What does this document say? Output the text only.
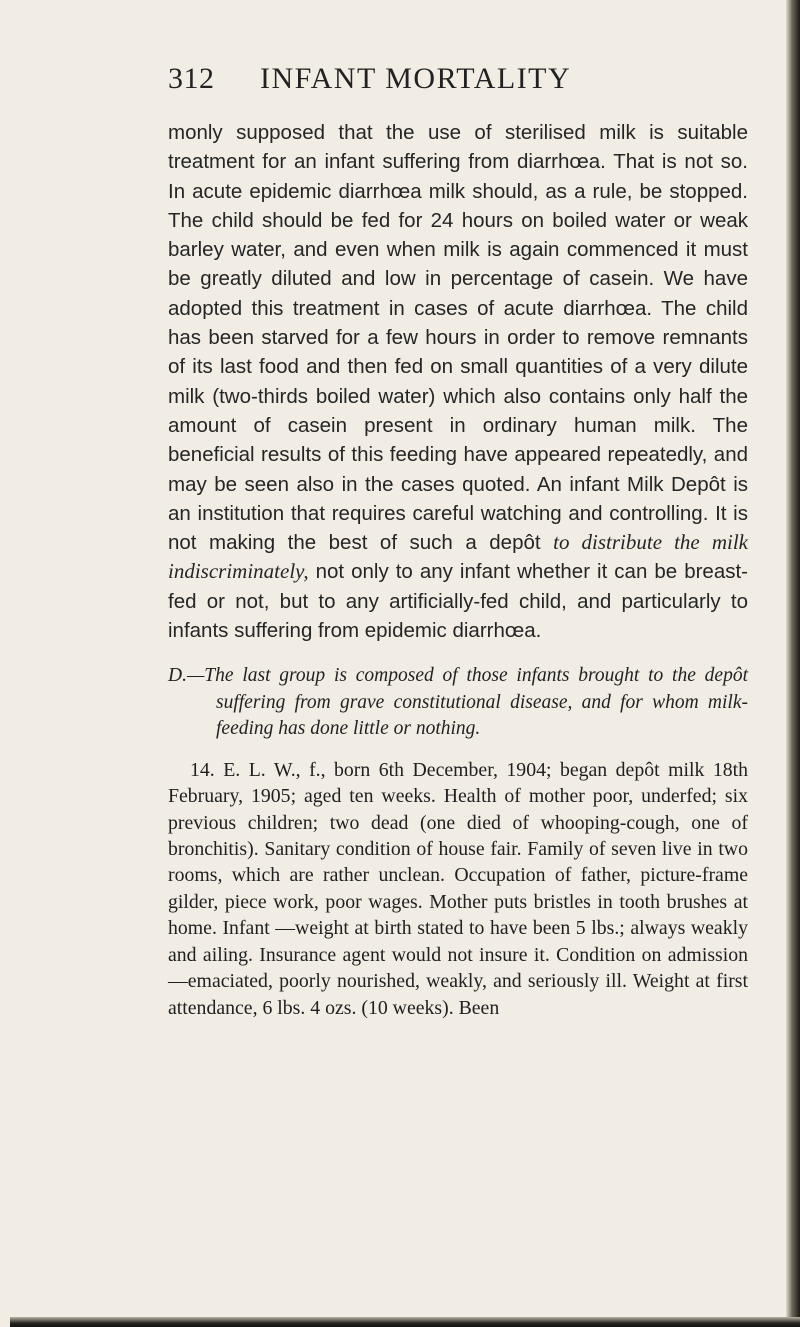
312 INFANT MORTALITY

monly supposed that the use of sterilised milk is suitable treatment for an infant suffering from diarrhœa. That is not so. In acute epidemic diarrhœa milk should, as a rule, be stopped. The child should be fed for 24 hours on boiled water or weak barley water, and even when milk is again commenced it must be greatly diluted and low in percentage of casein. We have adopted this treatment in cases of acute diarrhœa. The child has been starved for a few hours in order to remove remnants of its last food and then fed on small quantities of a very dilute milk (two-thirds boiled water) which also contains only half the amount of casein present in ordinary human milk. The beneficial results of this feeding have appeared repeatedly, and may be seen also in the cases quoted. An infant Milk Depôt is an institution that requires careful watching and controlling. It is not making the best of such a depôt to distribute the milk indiscriminately, not only to any infant whether it can be breast-fed or not, but to any artificially-fed child, and particularly to infants suffering from epidemic diarrhœa.

D.—The last group is composed of those infants brought to the depôt suffering from grave constitutional disease, and for whom milk-feeding has done little or nothing.

14. E. L. W., f., born 6th December, 1904; began depôt milk 18th February, 1905; aged ten weeks. Health of mother poor, underfed; six previous children; two dead (one died of whooping-cough, one of bronchitis). Sanitary condition of house fair. Family of seven live in two rooms, which are rather unclean. Occupation of father, picture-frame gilder, piece work, poor wages. Mother puts bristles in tooth brushes at home. Infant —weight at birth stated to have been 5 lbs.; always weakly and ailing. Insurance agent would not insure it. Condition on admission—emaciated, poorly nourished, weakly, and seriously ill. Weight at first attendance, 6 lbs. 4 ozs. (10 weeks). Been
